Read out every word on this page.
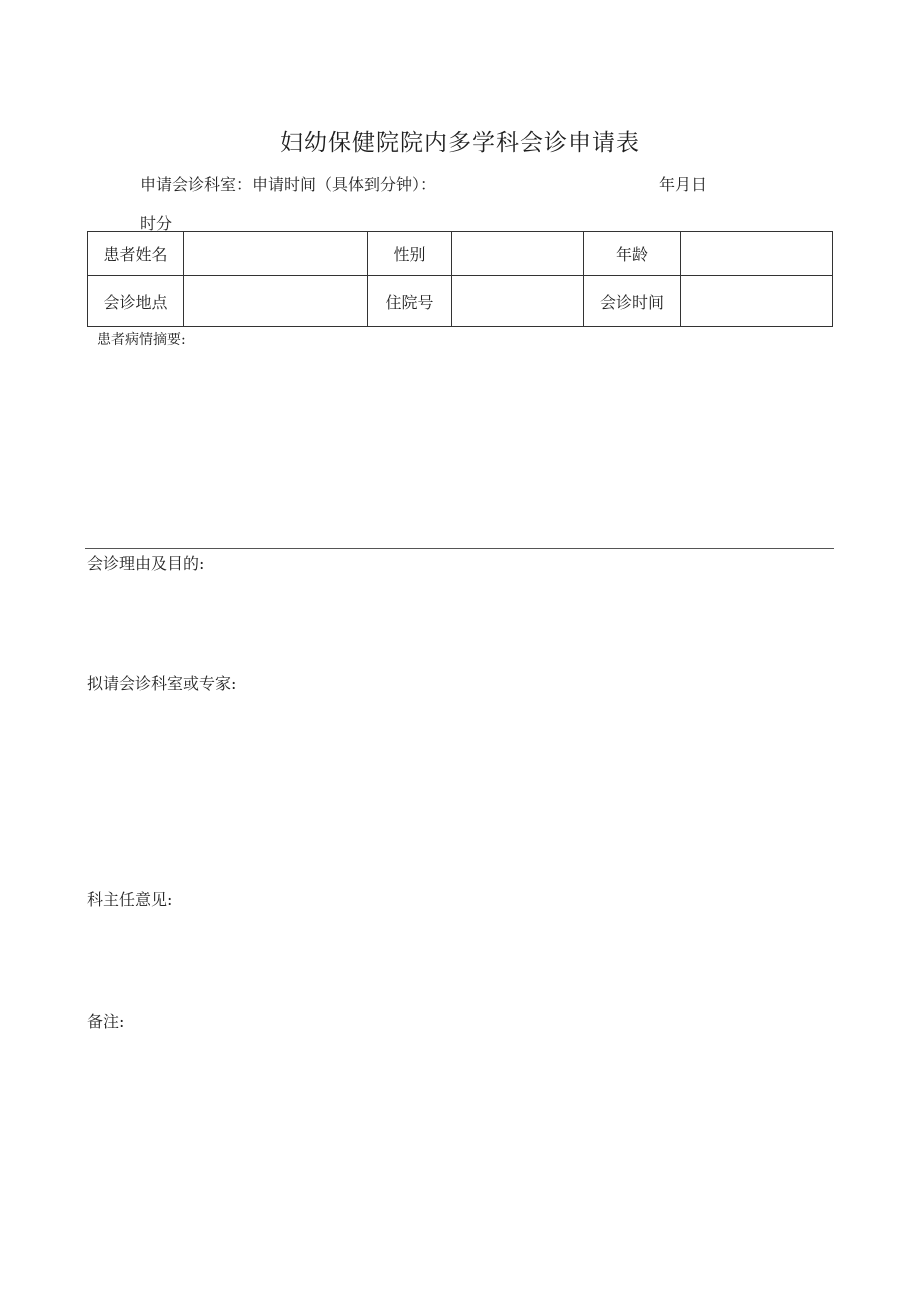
妇幼保健院院内多学科会诊申请表
申请会诊科室：申请时间（具体到分钟）：	年月日
时分
患者姓名		性别		年龄	
会诊地点		住院号		会诊时间	
患者病情摘要:
会诊理由及目的:
拟请会诊科室或专家:
科主任意见:
备注:
